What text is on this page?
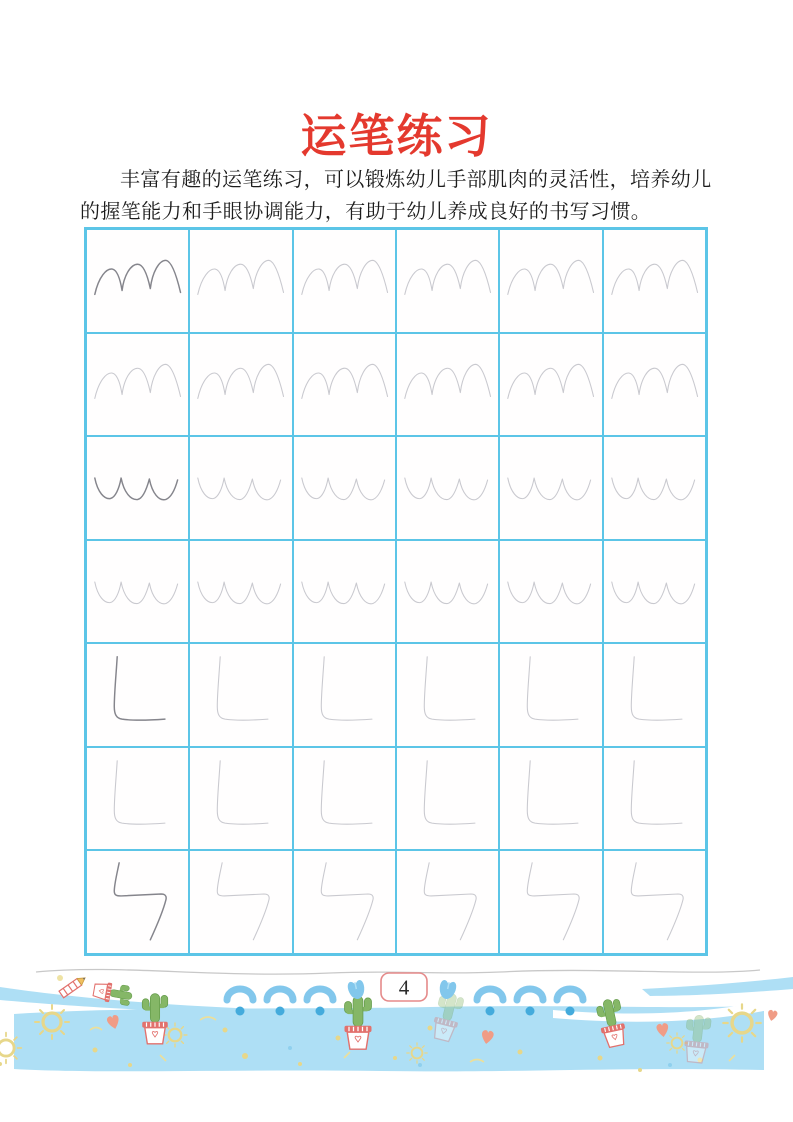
运笔练习
丰富有趣的运笔练习，可以锻炼幼儿手部肌肉的灵活性，培养幼儿
的握笔能力和手眼协调能力，有助于幼儿养成良好的书写习惯。
4
